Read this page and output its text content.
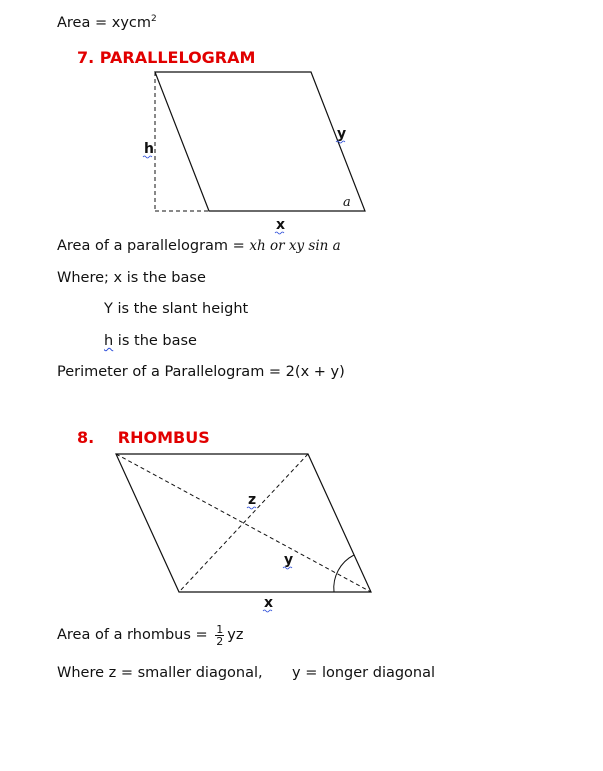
Area = xycm$^2$
7. PARALLELOGRAM
h
y
x
a
z
y
x
Area of a parallelogram = xh or xy sin a
Where; x is the base
Y is the slant height
h is the base
Perimeter of a Parallelogram = 2(x + y)
8. RHOMBUS
Area of a rhombus = $\frac{1}{2}$ yz
Where z = smaller diagonal, y = longer diagonal
